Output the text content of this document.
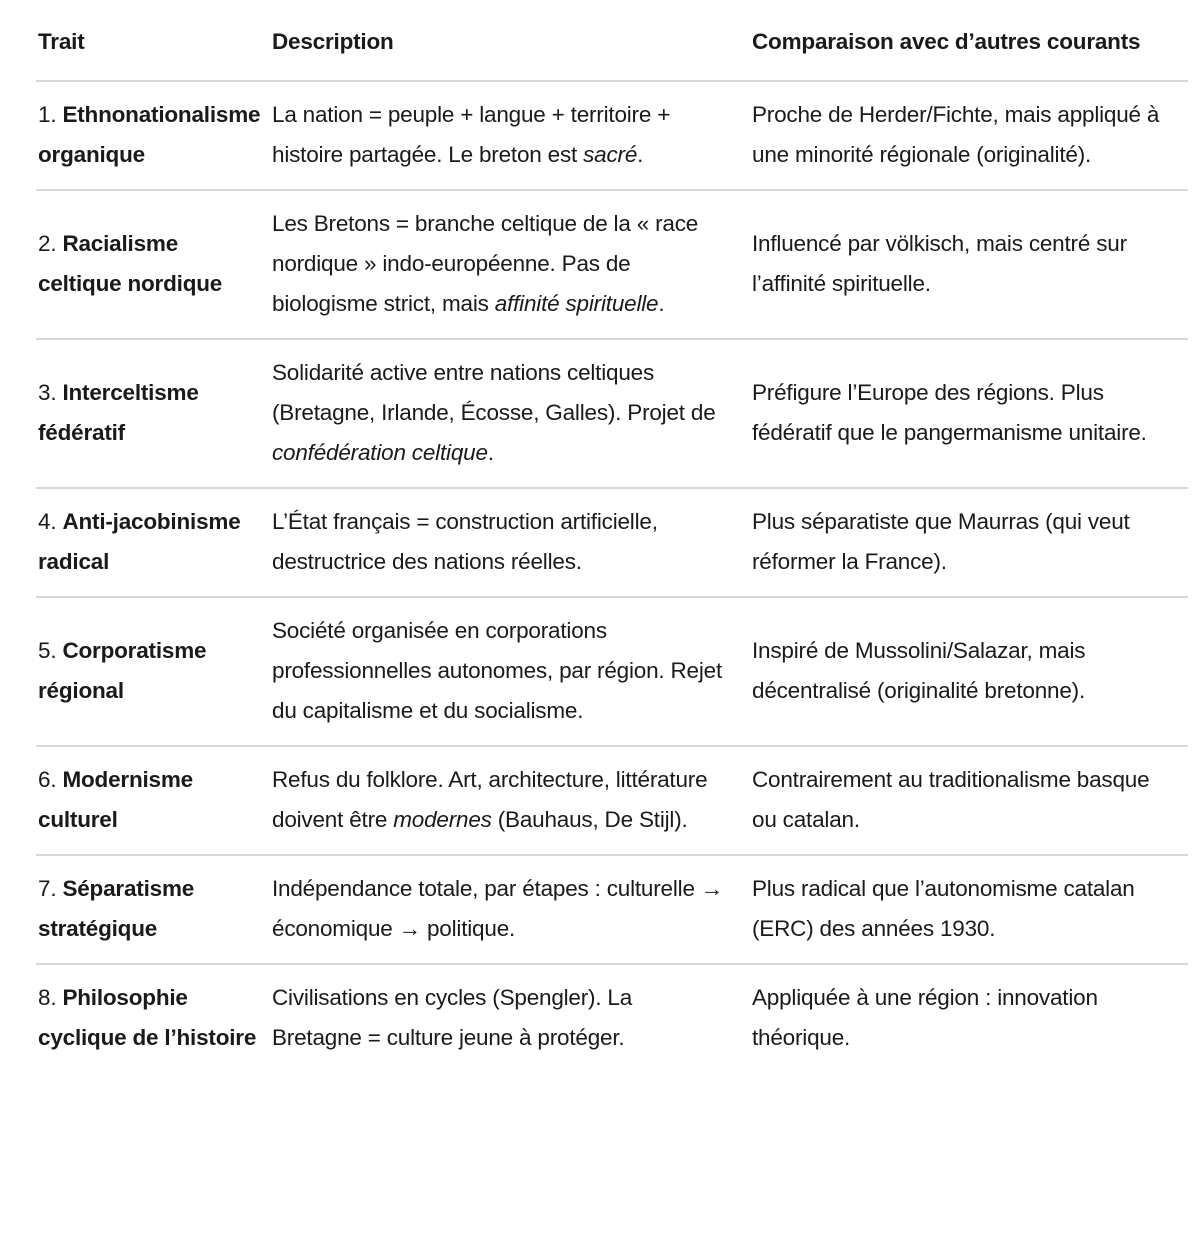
Trait	Description	Comparaison avec d’autres courants
1. Ethnonationalisme organique	La nation = peuple + langue + territoire + histoire partagée. Le breton est sacré.	Proche de Herder/Fichte, mais appliqué à une minorité régionale (originalité).
2. Racialisme celtique nordique	Les Bretons = branche celtique de la « race nordique » indo-européenne. Pas de biologisme strict, mais affinité spirituelle.	Influencé par völkisch, mais centré sur l’affinité spirituelle.
3. Interceltisme fédératif	Solidarité active entre nations celtiques (Bretagne, Irlande, Écosse, Galles). Projet de confédération celtique.	Préfigure l’Europe des régions. Plus fédératif que le pangermanisme unitaire.
4. Anti-jacobinisme radical	L’État français = construction artificielle, destructrice des nations réelles.	Plus séparatiste que Maurras (qui veut réformer la France).
5. Corporatisme régional	Société organisée en corporations professionnelles autonomes, par région. Rejet du capitalisme et du socialisme.	Inspiré de Mussolini/Salazar, mais décentralisé (originalité bretonne).
6. Modernisme culturel	Refus du folklore. Art, architecture, littérature doivent être modernes (Bauhaus, De Stijl).	Contrairement au traditionalisme basque ou catalan.
7. Séparatisme stratégique	Indépendance totale, par étapes : culturelle → économique → politique.	Plus radical que l’autonomisme catalan (ERC) des années 1930.
8. Philosophie cyclique de l’histoire	Civilisations en cycles (Spengler). La Bretagne = culture jeune à protéger.	Appliquée à une région : innovation théorique.
